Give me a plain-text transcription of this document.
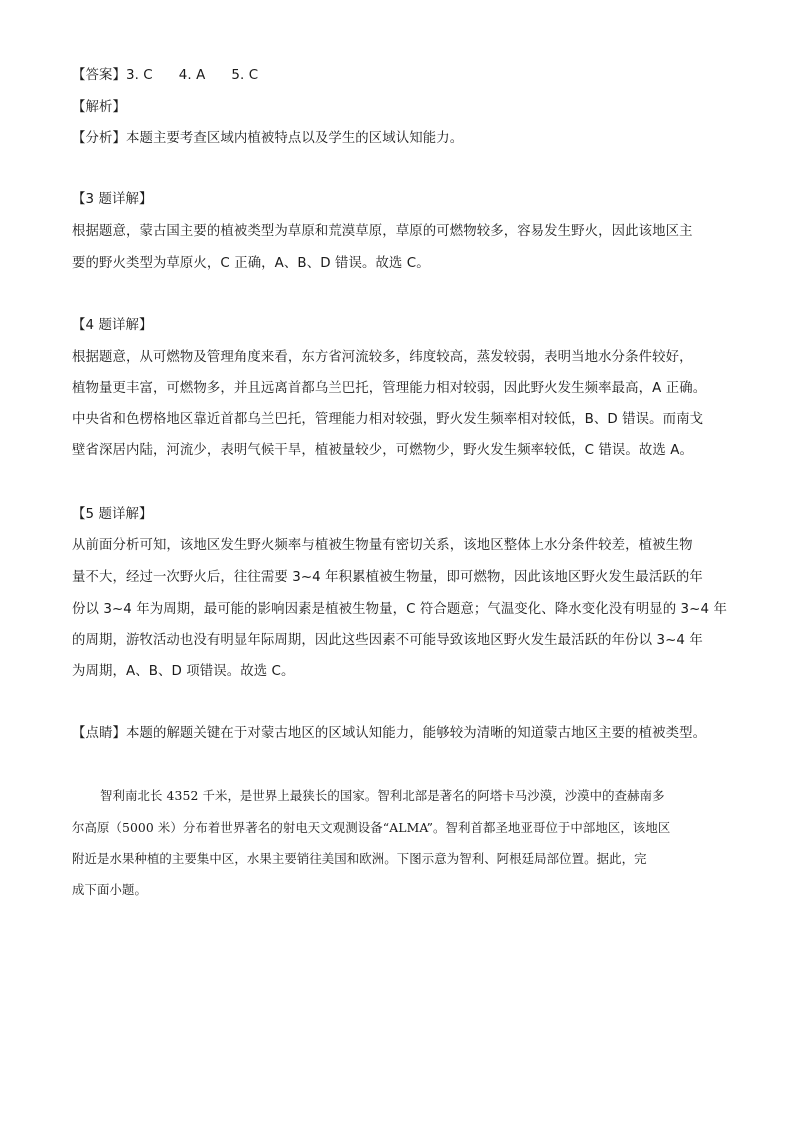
【答案】3. C 4. A 5. C
【解析】
【分析】本题主要考查区域内植被特点以及学生的区域认知能力。
【3 题详解】
根据题意，蒙古国主要的植被类型为草原和荒漠草原，草原的可燃物较多，容易发生野火，因此该地区主
要的野火类型为草原火，C 正确，A、B、D 错误。故选 C。
【4 题详解】
根据题意，从可燃物及管理角度来看，东方省河流较多，纬度较高，蒸发较弱，表明当地水分条件较好，
植物量更丰富，可燃物多，并且远离首都乌兰巴托，管理能力相对较弱，因此野火发生频率最高，A 正确。
中央省和色楞格地区靠近首都乌兰巴托，管理能力相对较强，野火发生频率相对较低，B、D 错误。而南戈
壁省深居内陆，河流少，表明气候干旱，植被量较少，可燃物少，野火发生频率较低，C 错误。故选 A。
【5 题详解】
从前面分析可知，该地区发生野火频率与植被生物量有密切关系，该地区整体上水分条件较差，植被生物
量不大，经过一次野火后，往往需要 3~4 年积累植被生物量，即可燃物，因此该地区野火发生最活跃的年
份以 3~4 年为周期，最可能的影响因素是植被生物量，C 符合题意；气温变化、降水变化没有明显的 3~4 年
的周期，游牧活动也没有明显年际周期，因此这些因素不可能导致该地区野火发生最活跃的年份以 3~4 年
为周期，A、B、D 项错误。故选 C。
【点睛】本题的解题关键在于对蒙古地区的区域认知能力，能够较为清晰的知道蒙古地区主要的植被类型。
智利南北长 4352 千米，是世界上最狭长的国家。智利北部是著名的阿塔卡马沙漠，沙漠中的查赫南多
尔高原（5000 米）分布着世界著名的射电天文观测设备“ALMA”。智利首都圣地亚哥位于中部地区，该地区
附近是水果种植的主要集中区，水果主要销往美国和欧洲。下图示意为智利、阿根廷局部位置。据此，完
成下面小题。
